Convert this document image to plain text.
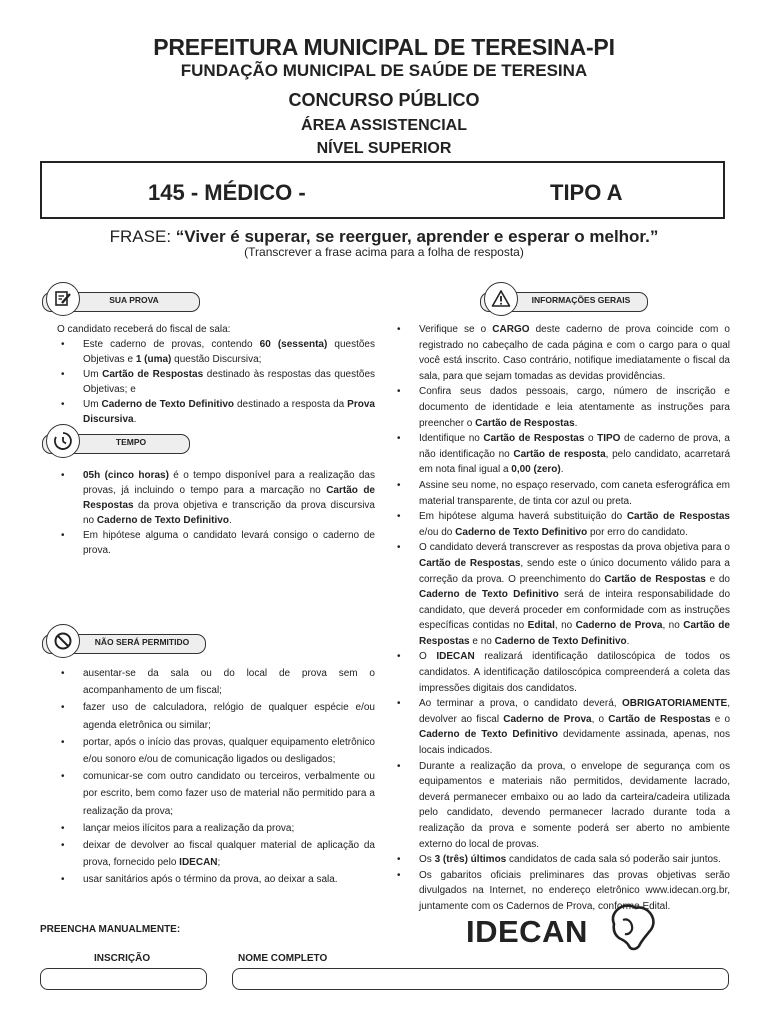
PREFEITURA MUNICIPAL DE TERESINA-PI
FUNDAÇÃO MUNICIPAL DE SAÚDE DE TERESINA
CONCURSO PÚBLICO
ÁREA ASSISTENCIAL
NÍVEL SUPERIOR
145 - MÉDICO -	TIPO A
FRASE: “Viver é superar, se reerguer, aprender e esperar o melhor.”
(Transcrever a frase acima para a folha de resposta)
SUA PROVA
TEMPO
NÃO SERÁ PERMITIDO
INFORMAÇÕES GERAIS

O candidato receberá do fiscal de sala:

• Este caderno de provas, contendo 60 (sessenta) questões Objetivas e 1 (uma) questão Discursiva;
• Um Cartão de Respostas destinado às respostas das questões Objetivas; e
• Um Caderno de Texto Definitivo destinado a resposta da Prova Discursiva.
• 05h (cinco horas) é o tempo disponível para a realização das provas, já incluindo o tempo para a marcação no Cartão de Respostas da prova objetiva e transcrição da prova discursiva no Caderno de Texto Definitivo.
• Em hipótese alguma o candidato levará consigo o caderno de prova.
• ausentar-se da sala ou do local de prova sem o acompanhamento de um fiscal;
• fazer uso de calculadora, relógio de qualquer espécie e/ou agenda eletrônica ou similar;
• portar, após o início das provas, qualquer equipamento eletrônico e/ou sonoro e/ou de comunicação ligados ou desligados;
• comunicar-se com outro candidato ou terceiros, verbalmente ou por escrito, bem como fazer uso de material não permitido para a realização da prova;
• lançar meios ilícitos para a realização da prova;
• deixar de devolver ao fiscal qualquer material de aplicação da prova, fornecido pelo IDECAN;
• usar sanitários após o término da prova, ao deixar a sala.
• Verifique se o CARGO deste caderno de prova coincide com o registrado no cabeçalho de cada página e com o cargo para o qual você está inscrito. Caso contrário, notifique imediatamente o fiscal da sala, para que sejam tomadas as devidas providências.
• Confira seus dados pessoais, cargo, número de inscrição e documento de identidade e leia atentamente as instruções para preencher o Cartão de Respostas.
• Identifique no Cartão de Respostas o TIPO de caderno de prova, a não identificação no Cartão de resposta, pelo candidato, acarretará em nota final igual a 0,00 (zero).
• Assine seu nome, no espaço reservado, com caneta esferográfica em material transparente, de tinta cor azul ou preta.
• Em hipótese alguma haverá substituição do Cartão de Respostas e/ou do Caderno de Texto Definitivo por erro do candidato.
• O candidato deverá transcrever as respostas da prova objetiva para o Cartão de Respostas, sendo este o único documento válido para a correção da prova. O preenchimento do Cartão de Respostas e do Caderno de Texto Definitivo será de inteira responsabilidade do candidato, que deverá proceder em conformidade com as instruções específicas contidas no Edital, no Caderno de Prova, no Cartão de Respostas e no Caderno de Texto Definitivo.
• O IDECAN realizará identificação datiloscópica de todos os candidatos. A identificação datiloscópica compreenderá a coleta das impressões digitais dos candidatos.
• Ao terminar a prova, o candidato deverá, OBRIGATORIAMENTE, devolver ao fiscal Caderno de Prova, o Cartão de Respostas e o Caderno de Texto Definitivo devidamente assinada, apenas, nos locais indicados.
• Durante a realização da prova, o envelope de segurança com os equipamentos e materiais não permitidos, devidamente lacrado, deverá permanecer embaixo ou ao lado da carteira/cadeira utilizada pelo candidato, devendo permanecer lacrado durante toda a realização da prova e somente poderá ser aberto no ambiente externo do local de provas.
• Os 3 (três) últimos candidatos de cada sala só poderão sair juntos.
• Os gabaritos oficiais preliminares das provas objetivas serão divulgados na Internet, no endereço eletrônico www.idecan.org.br, juntamente com os Cadernos de Prova, conforme Edital.
PREENCHA MANUALMENTE:
INSCRIÇÃO	NOME COMPLETO
IDECAN
